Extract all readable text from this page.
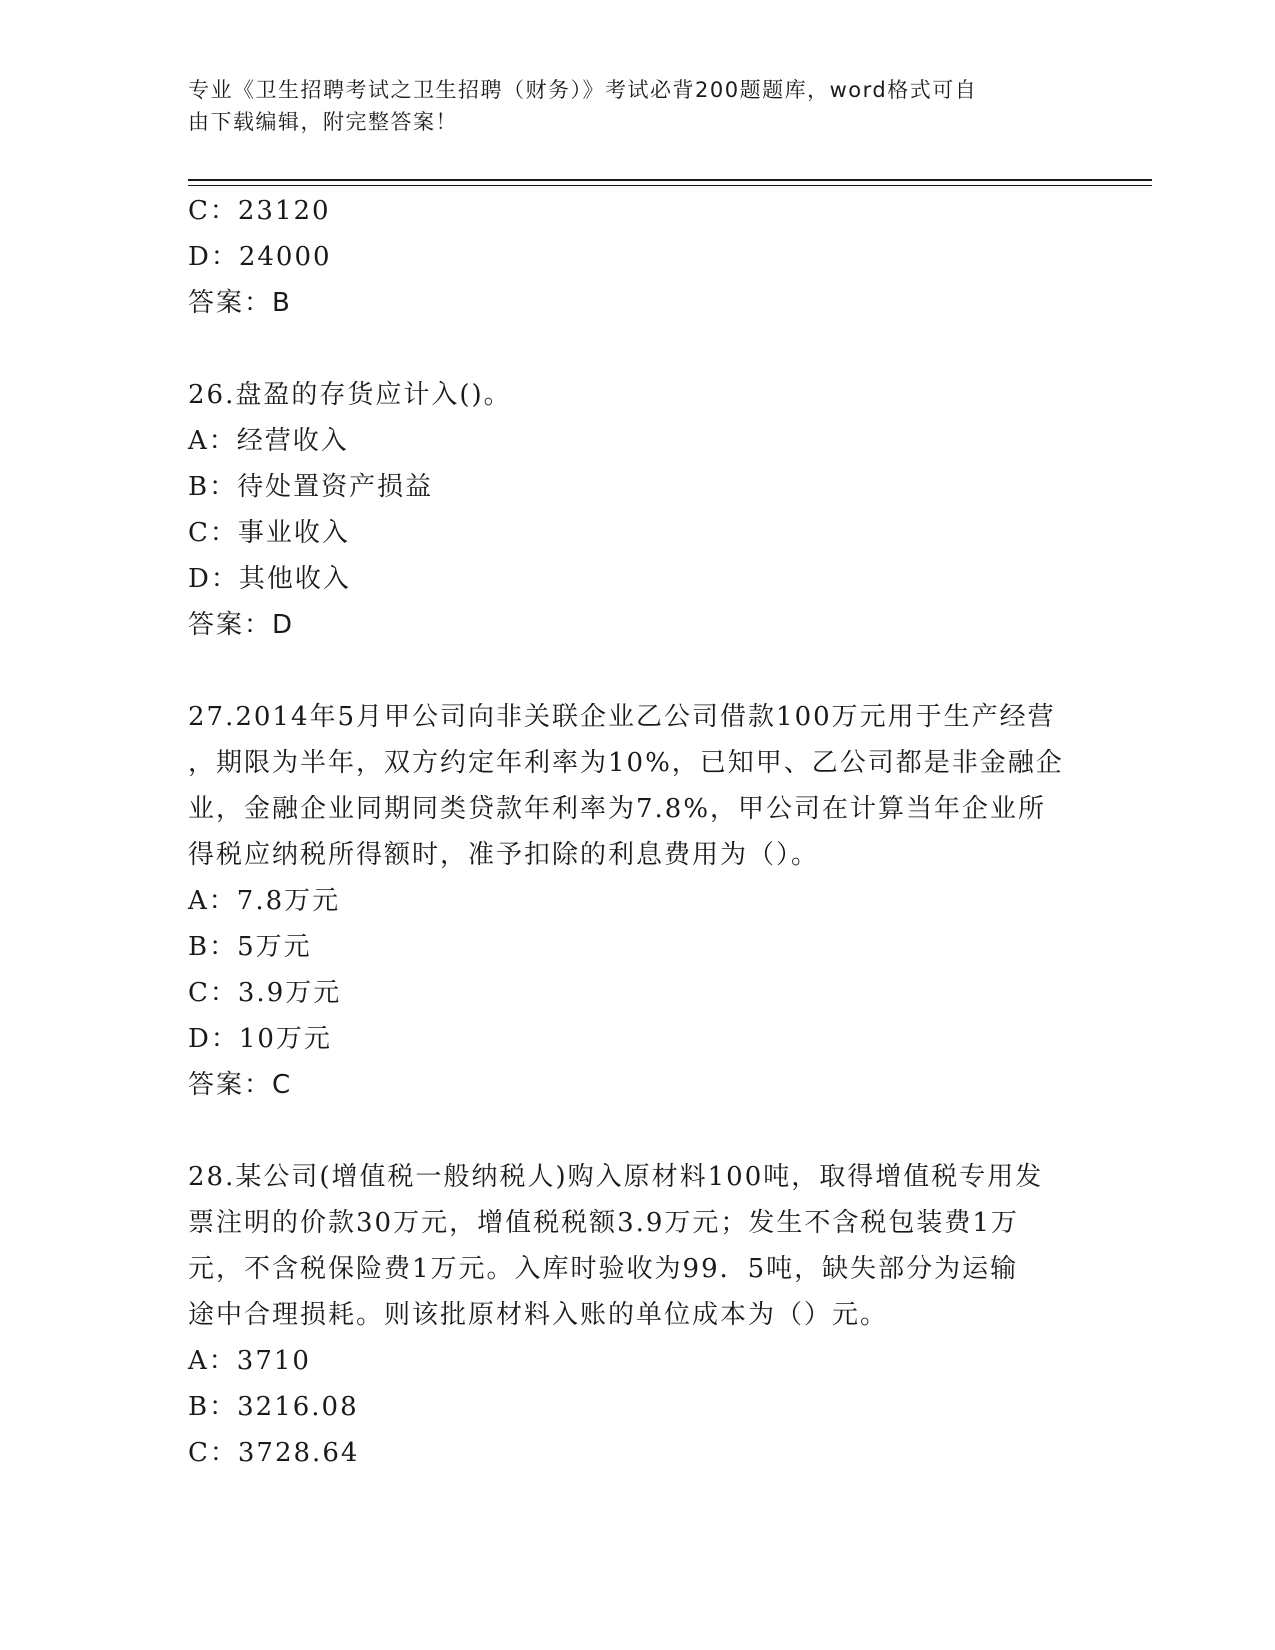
专业《卫生招聘考试之卫生招聘（财务）》考试必背200题题库，word格式可自
由下载编辑，附完整答案！
C：23120
D：24000
答案：B
26.盘盈的存货应计入()。
A：经营收入
B：待处置资产损益
C：事业收入
D：其他收入
答案：D
27.2014年5月甲公司向非关联企业乙公司借款100万元用于生产经营
，期限为半年，双方约定年利率为10%，已知甲、乙公司都是非金融企
业，金融企业同期同类贷款年利率为7.8%，甲公司在计算当年企业所
得税应纳税所得额时，准予扣除的利息费用为（）。
A：7.8万元
B：5万元
C：3.9万元
D：10万元
答案：C
28.某公司(增值税一般纳税人)购入原材料100吨，取得增值税专用发
票注明的价款30万元，增值税税额3.9万元；发生不含税包装费1万
元，不含税保险费1万元。入库时验收为99．5吨，缺失部分为运输
途中合理损耗。则该批原材料入账的单位成本为（）元。
A：3710
B：3216.08
C：3728.64
